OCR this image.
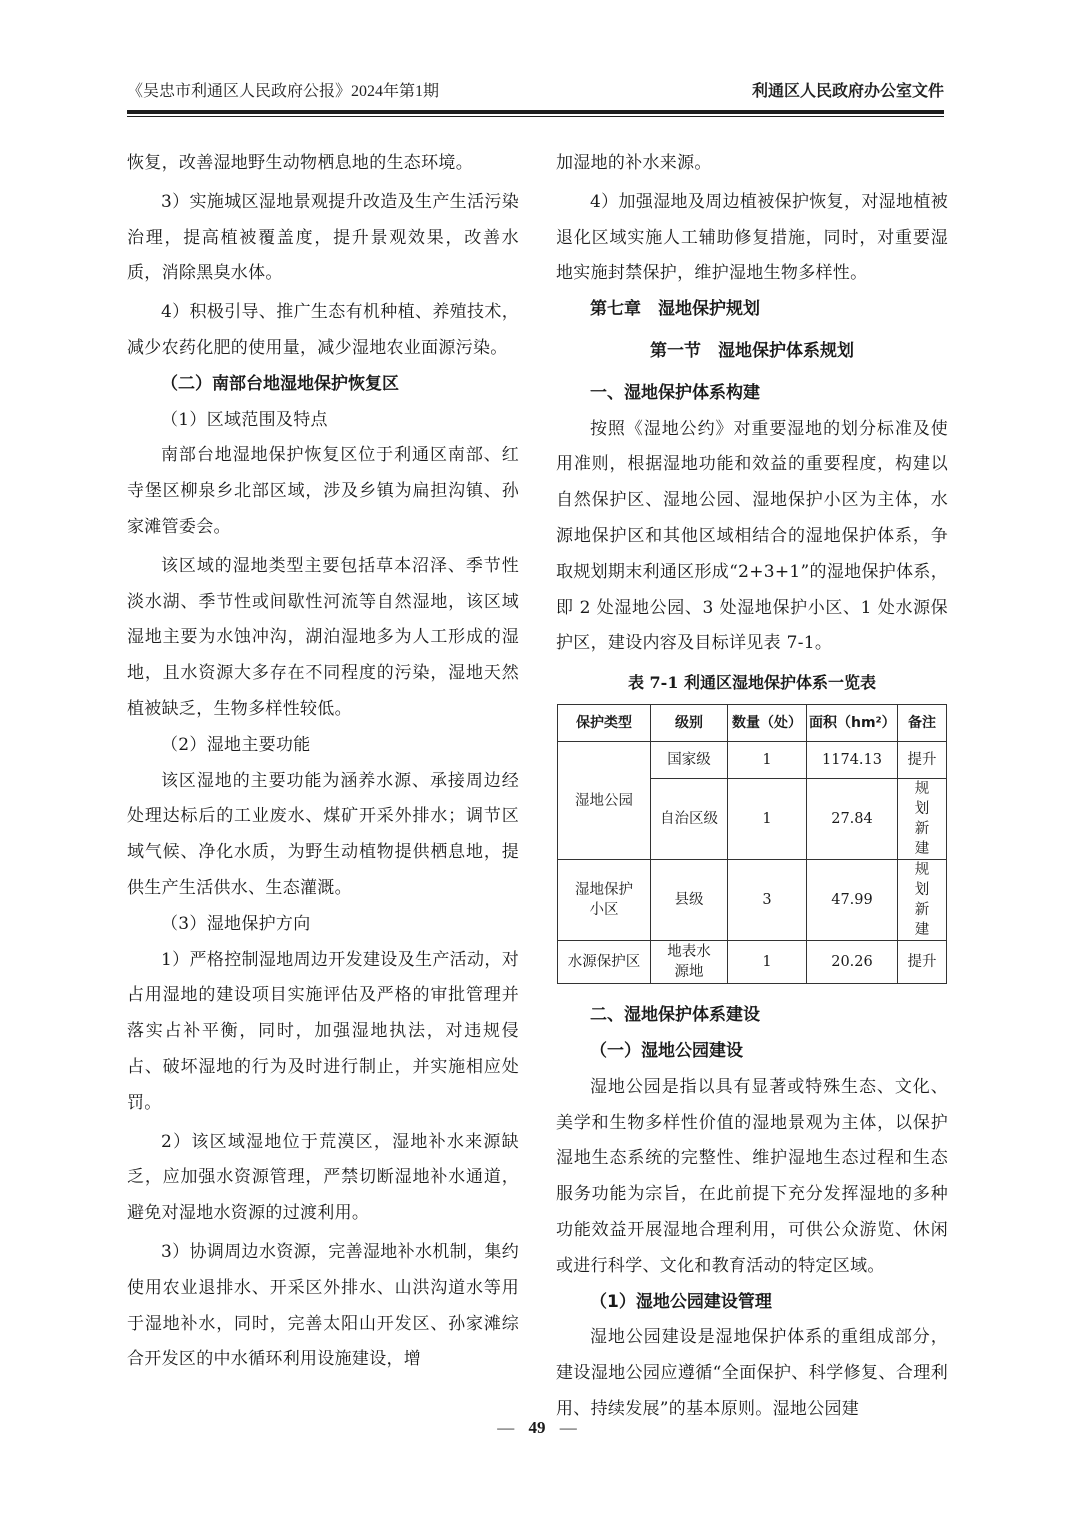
《吴忠市利通区人民政府公报》2024年第1期	利通区人民政府办公室文件

恢复，改善湿地野生动物栖息地的生态环境。

3）实施城区湿地景观提升改造及生产生活污染治理，提高植被覆盖度，提升景观效果，改善水质，消除黑臭水体。

4）积极引导、推广生态有机种植、养殖技术，减少农药化肥的使用量，减少湿地农业面源污染。

（二）南部台地湿地保护恢复区

（1）区域范围及特点

南部台地湿地保护恢复区位于利通区南部、红寺堡区柳泉乡北部区域，涉及乡镇为扁担沟镇、孙家滩管委会。

该区域的湿地类型主要包括草本沼泽、季节性淡水湖、季节性或间歇性河流等自然湿地，该区域湿地主要为水蚀冲沟，湖泊湿地多为人工形成的湿地，且水资源大多存在不同程度的污染，湿地天然植被缺乏，生物多样性较低。

（2）湿地主要功能

该区湿地的主要功能为涵养水源、承接周边经处理达标后的工业废水、煤矿开采外排水；调节区域气候、净化水质，为野生动植物提供栖息地，提供生产生活供水、生态灌溉。

（3）湿地保护方向

1）严格控制湿地周边开发建设及生产活动，对占用湿地的建设项目实施评估及严格的审批管理并落实占补平衡，同时，加强湿地执法，对违规侵占、破坏湿地的行为及时进行制止，并实施相应处罚。

2）该区域湿地位于荒漠区，湿地补水来源缺乏，应加强水资源管理，严禁切断湿地补水通道，避免对湿地水资源的过渡利用。

3）协调周边水资源，完善湿地补水机制，集约使用农业退排水、开采区外排水、山洪沟道水等用于湿地补水，同时，完善太阳山开发区、孙家滩综合开发区的中水循环利用设施建设，增

加湿地的补水来源。

4）加强湿地及周边植被保护恢复，对湿地植被退化区域实施人工辅助修复措施，同时，对重要湿地实施封禁保护，维护湿地生物多样性。

第七章　湿地保护规划

第一节　湿地保护体系规划

一、湿地保护体系构建

按照《湿地公约》对重要湿地的划分标准及使用准则，根据湿地功能和效益的重要程度，构建以自然保护区、湿地公园、湿地保护小区为主体，水源地保护区和其他区域相结合的湿地保护体系，争取规划期末利通区形成“2+3+1”的湿地保护体系，即 2 处湿地公园、3 处湿地保护小区、1 处水源保护区，建设内容及目标详见表 7-1。

表 7-1 利通区湿地保护体系一览表

保护类型	级别	数量（处）	面积（hm²）	备注
湿地公园	国家级	1	1174.13	提升
	自治区级	1	27.84	规划新建
湿地保护小区	县级	3	47.99	规划新建
水源保护区	地表水源地	1	20.26	提升

二、湿地保护体系建设

（一）湿地公园建设

湿地公园是指以具有显著或特殊生态、文化、美学和生物多样性价值的湿地景观为主体，以保护湿地生态系统的完整性、维护湿地生态过程和生态服务功能为宗旨，在此前提下充分发挥湿地的多种功能效益开展湿地合理利用，可供公众游览、休闲或进行科学、文化和教育活动的特定区域。

（1）湿地公园建设管理

湿地公园建设是湿地保护体系的重组成部分，建设湿地公园应遵循“全面保护、科学修复、合理利用、持续发展”的基本原则。湿地公园建

— 49 —
